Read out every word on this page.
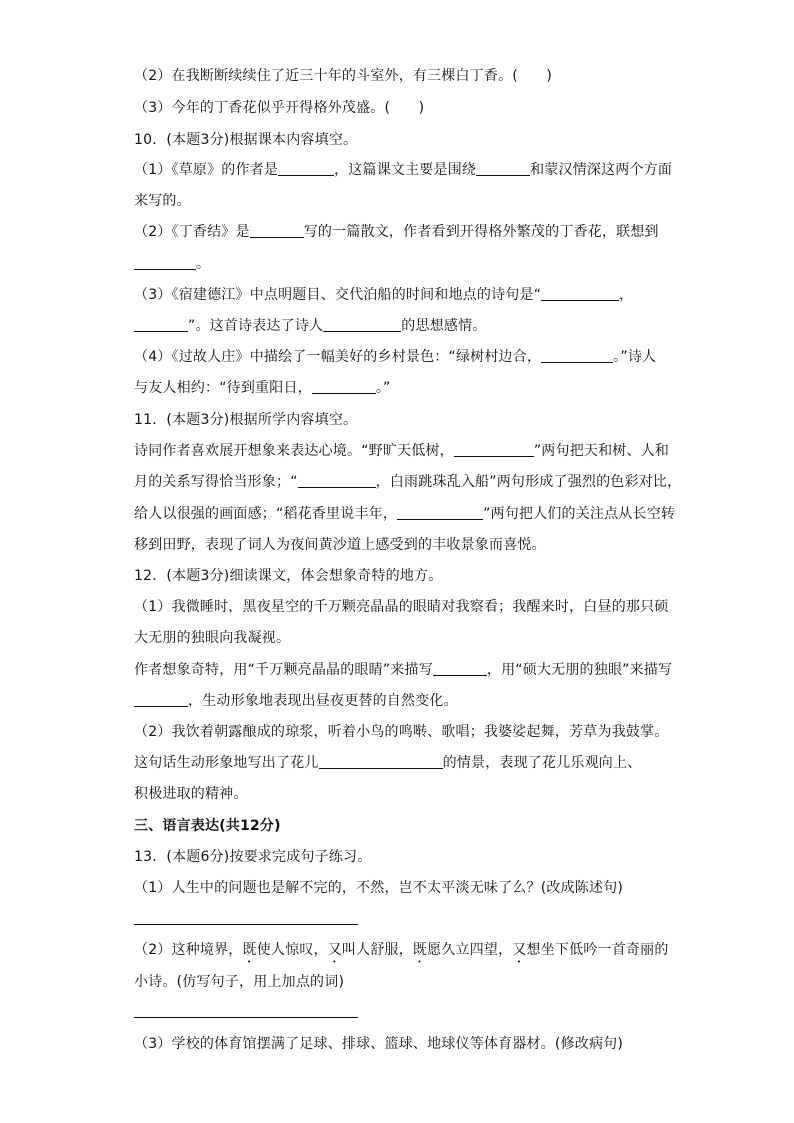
（2）在我断断续续住了近三十年的斗室外，有三棵白丁香。(　　)
（3）今年的丁香花似乎开得格外茂盛。(　　)
10．(本题3分)根据课本内容填空。
（1）《草原》的作者是	，这篇课文主要是围绕	和蒙汉情深这两个方面
来写的。
（2）《丁香结》是	写的一篇散文，作者看到开得格外繁茂的丁香花，联想到
。
（3）《宿建德江》中点明题目、交代泊船的时间和地点的诗句是“	，
”。这首诗表达了诗人	的思想感情。
（4）《过故人庄》中描绘了一幅美好的乡村景色：“绿树村边合，	。”诗人
与友人相约：“待到重阳日，	。”
11．(本题3分)根据所学内容填空。
诗同作者喜欢展开想象来表达心境。“野旷天低树，	”两句把天和树、人和
月的关系写得恰当形象；“	，白雨跳珠乱入船”两句形成了强烈的色彩对比，
给人以很强的画面感；“稻花香里说丰年，	”两句把人们的关注点从长空转
移到田野，表现了词人为夜间黄沙道上感受到的丰收景象而喜悦。
12．(本题3分)细读课文，体会想象奇特的地方。
（1）我微睡时，黑夜星空的千万颗亮晶晶的眼睛对我察看；我醒来时，白昼的那只硕
大无朋的独眼向我凝视。
作者想象奇特，用“千万颗亮晶晶的眼睛”来描写	，用“硕大无朋的独眼”来描写
，生动形象地表现出昼夜更替的自然变化。
（2）我饮着朝露酿成的琼浆，听着小鸟的鸣啭、歌唱；我婆娑起舞，芳草为我鼓掌。
这句话生动形象地写出了花儿	的情景，表现了花儿乐观向上、
积极进取的精神。
三、语言表达(共12分)
13．(本题6分)按要求完成句子练习。
（1）人生中的问题也是解不完的，不然，岂不太平淡无味了么？(改成陈述句)
（2）这种境界，既使人惊叹，又叫人舒服，既愿久立四望，又想坐下低吟一首奇丽的
小诗。(仿写句子，用上加点的词)
（3）学校的体育馆摆满了足球、排球、篮球、地球仪等体育器材。(修改病句)
